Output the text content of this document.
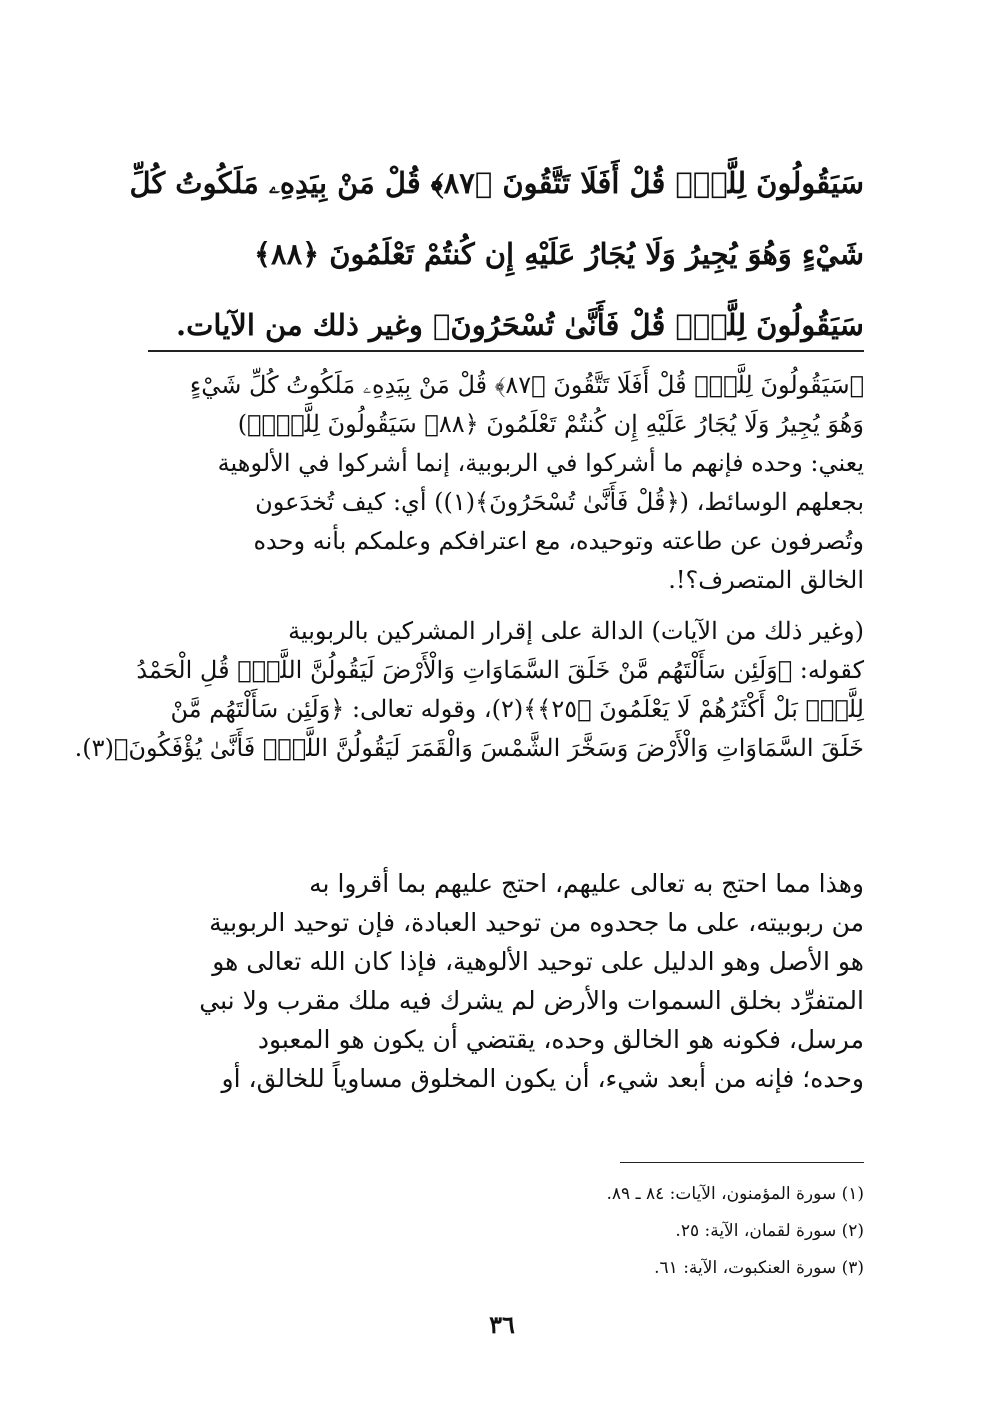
سَيَقُولُونَ لِلَّهِۚ قُلْ أَفَلَا تَتَّقُونَ ﴿٨٧﴾ قُلْ مَنْ بِيَدِهِۦ مَلَكُوتُ كُلِّ
شَيْءٍ وَهُوَ يُجِيرُ وَلَا يُجَارُ عَلَيْهِ إِن كُنتُمْ تَعْلَمُونَ ﴿٨٨﴾
سَيَقُولُونَ لِلَّهِۚ قُلْ فَأَنَّىٰ تُسْحَرُونَ﴾ وغير ذلك من الآيات.
﴿سَيَقُولُونَ لِلَّهِۚ قُلْ أَفَلَا تَتَّقُونَ ﴿٨٧﴾ قُلْ مَنْ بِيَدِهِۦ مَلَكُوتُ كُلِّ شَيْءٍ
وَهُوَ يُجِيرُ وَلَا يُجَارُ عَلَيْهِ إِن كُنتُمْ تَعْلَمُونَ ﴿٨٨﴾ سَيَقُولُونَ لِلَّهِۚ﴾)
يعني: وحده فإنهم ما أشركوا في الربوبية، إنما أشركوا في الألوهية
بجعلهم الوسائط، (﴿قُلْ فَأَنَّىٰ تُسْحَرُونَ﴾(١)) أي: كيف تُخدَعون
وتُصرفون عن طاعته وتوحيده، مع اعترافكم وعلمكم بأنه وحده
الخالق المتصرف؟!.
(وغير ذلك من الآيات) الدالة على إقرار المشركين بالربوبية
كقوله: ﴿وَلَئِن سَأَلْتَهُم مَّنْ خَلَقَ السَّمَاوَاتِ وَالْأَرْضَ لَيَقُولُنَّ اللَّهُۚ قُلِ الْحَمْدُ
لِلَّهِۚ بَلْ أَكْثَرُهُمْ لَا يَعْلَمُونَ ﴿٢٥﴾﴾(٢)، وقوله تعالى: ﴿وَلَئِن سَأَلْتَهُم مَّنْ
خَلَقَ السَّمَاوَاتِ وَالْأَرْضَ وَسَخَّرَ الشَّمْسَ وَالْقَمَرَ لَيَقُولُنَّ اللَّهُۖ فَأَنَّىٰ يُؤْفَكُونَ﴾(٣).
وهذا مما احتج به تعالى عليهم، احتج عليهم بما أقروا به
من ربوبيته، على ما جحدوه من توحيد العبادة، فإن توحيد الربوبية
هو الأصل وهو الدليل على توحيد الألوهية، فإذا كان الله تعالى هو
المتفرِّد بخلق السموات والأرض لم يشرك فيه ملك مقرب ولا نبي
مرسل، فكونه هو الخالق وحده، يقتضي أن يكون هو المعبود
وحده؛ فإنه من أبعد شيء، أن يكون المخلوق مساوياً للخالق، أو
(١) سورة المؤمنون، الآيات: ٨٤ ـ ٨٩.
(٢) سورة لقمان، الآية: ٢٥.
(٣) سورة العنكبوت، الآية: ٦١.
٣٦
